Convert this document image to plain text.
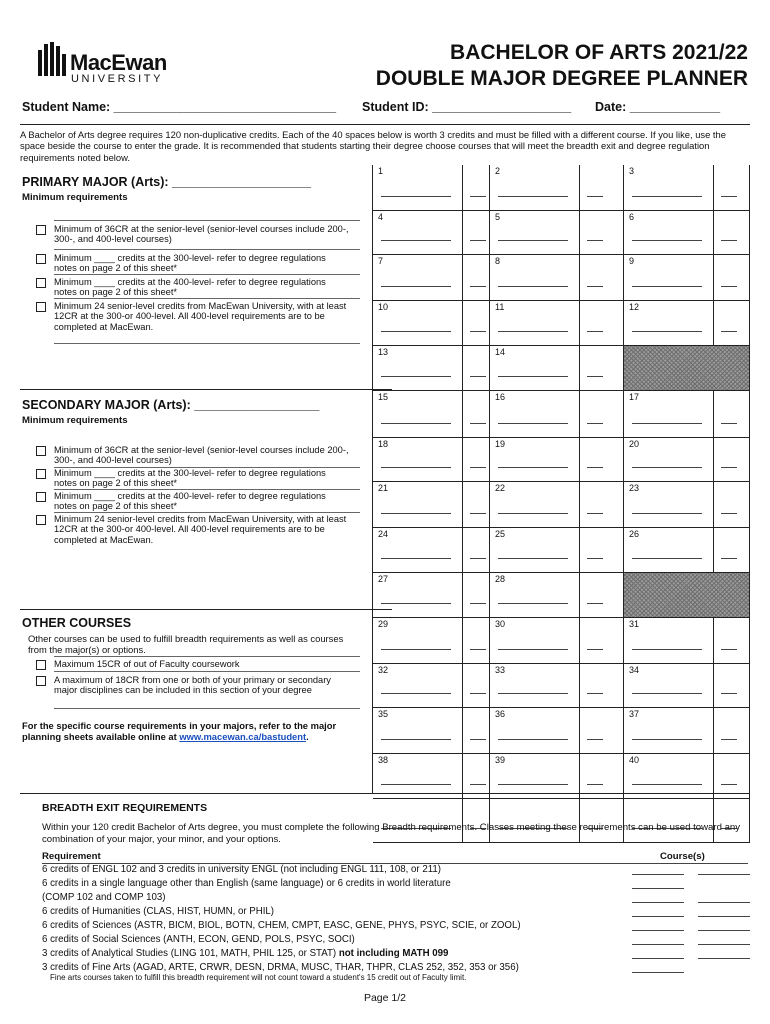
MacEwan
UNIVERSITY
BACHELOR OF ARTS 2021/22
DOUBLE MAJOR DEGREE PLANNER
Student Name: ________________________________ Student ID: ____________________ Date: _____________
A Bachelor of Arts degree requires 120 non-duplicative credits. Each of the 40 spaces below is worth 3 credits and must be filled with a different course. If you like, use the space beside the course to enter the grade. It is recommended that students starting their degree choose courses that will meet the breadth exit and degree regulation requirements noted below.
PRIMARY MAJOR (Arts): ____________________
Minimum requirements
Minimum of 36CR at the senior-level (senior-level courses include 200-, 300-, and 400-level courses)
Minimum ____ credits at the 300-level- refer to degree regulations notes on page 2 of this sheet*
Minimum ____ credits at the 400-level- refer to degree regulations notes on page 2 of this sheet*
Minimum 24 senior-level credits from MacEwan University, with at least 12CR at the 300-or 400-level. All 400-level requirements are to be completed at MacEwan.
SECONDARY MAJOR (Arts): __________________
Minimum requirements
Minimum of 36CR at the senior-level (senior-level courses include 200-, 300-, and 400-level courses)
Minimum ____ credits at the 300-level- refer to degree regulations notes on page 2 of this sheet*
Minimum ____ credits at the 400-level- refer to degree regulations notes on page 2 of this sheet*
Minimum 24 senior-level credits from MacEwan University, with at least 12CR at the 300-or 400-level. All 400-level requirements are to be completed at MacEwan.
OTHER COURSES
Other courses can be used to fulfill breadth requirements as well as courses from the major(s) or options.
Maximum 15CR of out of Faculty coursework
A maximum of 18CR from one or both of your primary or secondary major disciplines can be included in this section of your degree
For the specific course requirements in your majors, refer to the major planning sheets available online at www.macewan.ca/bastudent.
1	2	3
4	5	6
7	8	9
10	11	12
13	14
15	16	17
18	19	20
21	22	23
24	25	26
27	28
29	30	31
32	33	34
35	36	37
38	39	40
BREADTH EXIT REQUIREMENTS
Within your 120 credit Bachelor of Arts degree, you must complete the following Breadth requirements. Classes meeting these requirements can be used toward any combination of your major, your minor, and your options.
Requirement	Course(s)
6 credits of ENGL 102 and 3 credits in university ENGL (not including ENGL 111, 108, or 211)
6 credits in a single language other than English (same language) or 6 credits in world literature
(COMP 102 and COMP 103)
6 credits of Humanities (CLAS, HIST, HUMN, or PHIL)
6 credits of Sciences (ASTR, BICM, BIOL, BOTN, CHEM, CMPT, EASC, GENE, PHYS, PSYC, SCIE, or ZOOL)
6 credits of Social Sciences (ANTH, ECON, GEND, POLS, PSYC, SOCI)
3 credits of Analytical Studies (LING 101, MATH, PHIL 125, or STAT) not including MATH 099
3 credits of Fine Arts (AGAD, ARTE, CRWR, DESN, DRMA, MUSC, THAR, THPR, CLAS 252, 352, 353 or 356)
Fine arts courses taken to fulfill this breadth requirement will not count toward a student's 15 credit out of Faculty limit.
Page 1/2
